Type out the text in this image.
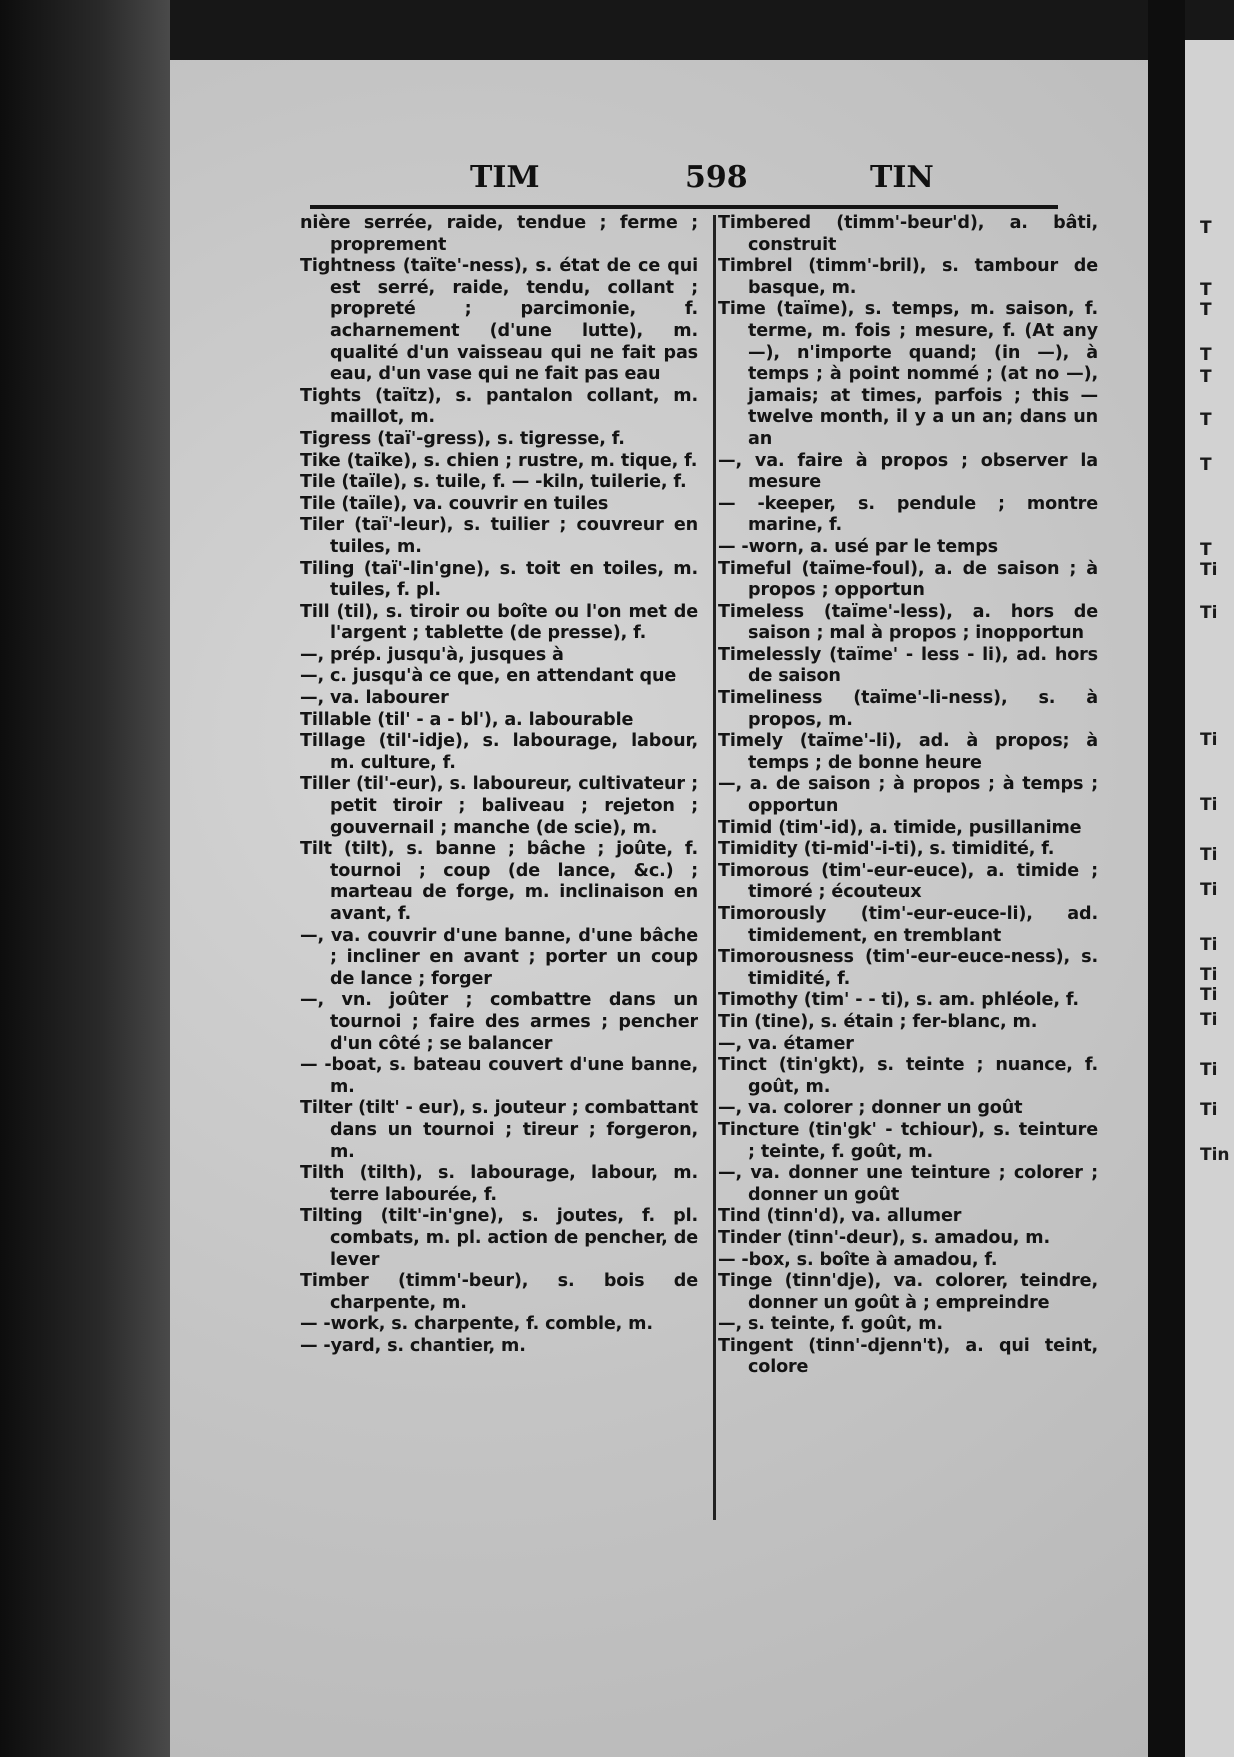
TIM	598	TIN

nière serrée, raide, tendue ; ferme ; proprement

Tightness (taïte'-ness), s. état de ce qui est serré, raide, tendu, collant ; propreté ; parcimonie, f. acharnement (d'une lutte), m. qualité d'un vaisseau qui ne fait pas eau, d'un vase qui ne fait pas eau

Tights (taïtz), s. pantalon collant, m. maillot, m.

Tigress (taï'-gress), s. tigresse, f.

Tike (taïke), s. chien ; rustre, m. tique, f.

Tile (taïle), s. tuile, f. — -kiln, tuilerie, f.

Tile (taïle), va. couvrir en tuiles

Tiler (taï'-leur), s. tuilier ; couvreur en tuiles, m.

Tiling (taï'-lin'gne), s. toit en toiles, m. tuiles, f. pl.

Till (til), s. tiroir ou boîte ou l'on met de l'argent ; tablette (de presse), f.

—, prép. jusqu'à, jusques à

—, c. jusqu'à ce que, en attendant que

—, va. labourer

Tillable (til' - a - bl'), a. labourable

Tillage (til'-idje), s. labourage, labour, m. culture, f.

Tiller (til'-eur), s. laboureur, cultivateur ; petit tiroir ; baliveau ; rejeton ; gouvernail ; manche (de scie), m.

Tilt (tilt), s. banne ; bâche ; joûte, f. tournoi ; coup (de lance, &c.) ; marteau de forge, m. inclinaison en avant, f.

—, va. couvrir d'une banne, d'une bâche ; incliner en avant ; porter un coup de lance ; forger

—, vn. joûter ; combattre dans un tournoi ; faire des armes ; pencher d'un côté ; se balancer

— -boat, s. bateau couvert d'une banne, m.

Tilter (tilt' - eur), s. jouteur ; combattant dans un tournoi ; tireur ; forgeron, m.

Tilth (tilth), s. labourage, labour, m. terre labourée, f.

Tilting (tilt'-in'gne), s. joutes, f. pl. combats, m. pl. action de pencher, de lever

Timber (timm'-beur), s. bois de charpente, m.

— -work, s. charpente, f. comble, m.

— -yard, s. chantier, m.

Timbered (timm'-beur'd), a. bâti, construit

Timbrel (timm'-bril), s. tambour de basque, m.

Time (taïme), s. temps, m. saison, f. terme, m. fois ; mesure, f. (At any—), n'importe quand; (in —), à temps ; à point nommé ; (at no —), jamais; at times, parfois ; this — twelve month, il y a un an; dans un an

—, va. faire à propos ; observer la mesure

— -keeper, s. pendule ; montre marine, f.

— -worn, a. usé par le temps

Timeful (taïme-foul), a. de saison ; à propos ; opportun

Timeless (taïme'-less), a. hors de saison ; mal à propos ; inopportun

Timelessly (taïme' - less - li), ad. hors de saison

Timeliness (taïme'-li-ness), s. à propos, m.

Timely (taïme'-li), ad. à propos; à temps ; de bonne heure

—, a. de saison ; à propos ; à temps ; opportun

Timid (tim'-id), a. timide, pusillanime

Timidity (ti-mid'-i-ti), s. timidité, f.

Timorous (tim'-eur-euce), a. timide ; timoré ; écouteux

Timorously (tim'-eur-euce-li), ad. timidement, en tremblant

Timorousness (tim'-eur-euce-ness), s. timidité, f.

Timothy (tim' - - ti), s. am. phléole, f.

Tin (tine), s. étain ; fer-blanc, m.

—, va. étamer

Tinct (tin'gkt), s. teinte ; nuance, f. goût, m.

—, va. colorer ; donner un goût

Tincture (tin'gk' - tchiour), s. teinture ; teinte, f. goût, m.

—, va. donner une teinture ; colorer ; donner un goût

Tind (tinn'd), va. allumer

Tinder (tinn'-deur), s. amadou, m.

— -box, s. boîte à amadou, f.

Tinge (tinn'dje), va. colorer, teindre, donner un goût à ; empreindre

—, s. teinte, f. goût, m.

Tingent (tinn'-djenn't), a. qui teint, colore

T
T
T
T
T
T
T
T
Ti
Ti
Ti
Ti
Ti
Ti
Ti
Ti
Ti
Ti
Ti
Ti
Tin
